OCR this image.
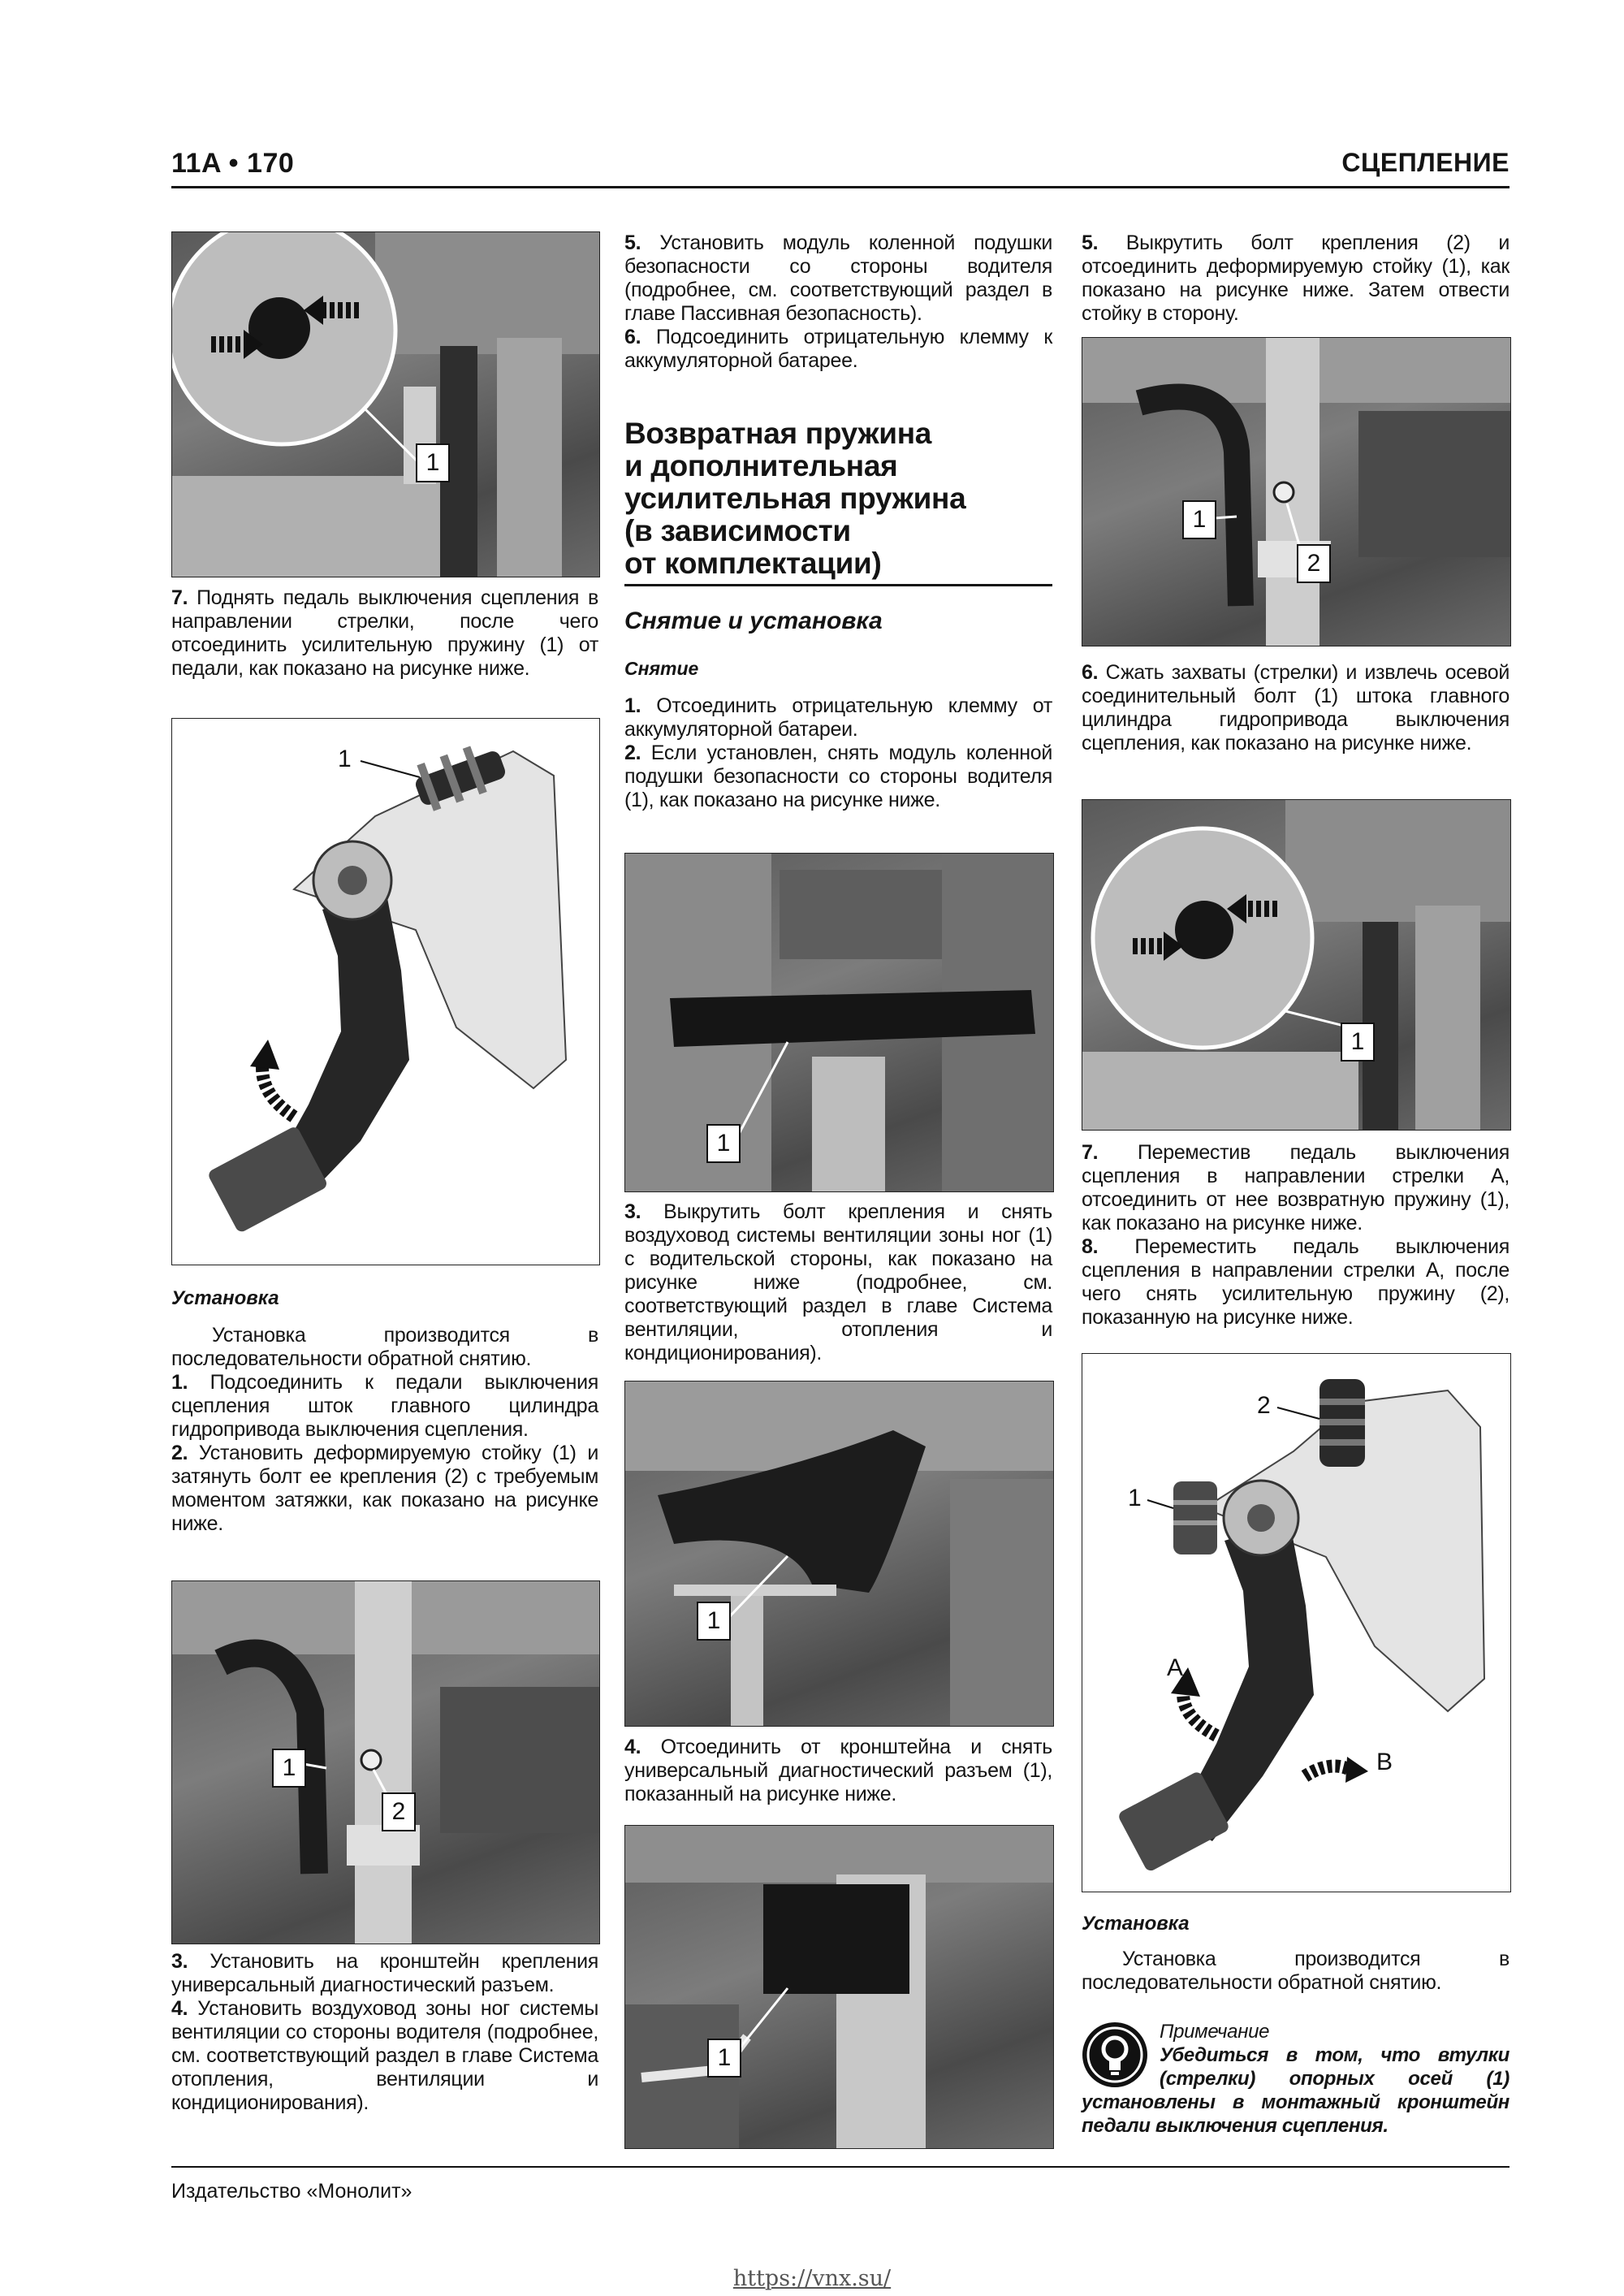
11A • 170	СЦЕПЛЕНИЕ
1

7. Поднять педаль выключения сцепления в направлении стрелки, после чего отсоединить усилительную пружину (1) от педали, как показано на рисунке ниже.

1
Установка

Установка производится в последовательности обратной снятию.

1. Подсоединить к педали выключения сцепления шток главного цилиндра гидропривода выключения сцепления.

2. Установить деформируемую стойку (1) и затянуть болт ее крепления (2) с требуемым моментом затяжки, как показано на рисунке ниже.

1
2

3. Установить на кронштейн крепления универсальный диагностический разъем.

4. Установить воздуховод зоны ног системы вентиляции со стороны водителя (подробнее, см. соответствующий раздел в главе Система отопления, вентиляции и кондиционирования).

5. Установить модуль коленной подушки безопасности со стороны водителя (подробнее, см. соответствующий раздел в главе Пассивная безопасность).

6. Подсоединить отрицательную клемму к аккумуляторной батарее.

Возвратная пружина
и дополнительная
усилительная пружина
(в зависимости
от комплектации)
Снятие и установка
Снятие

1. Отсоединить отрицательную клемму от аккумуляторной батареи.

2. Если установлен, снять модуль коленной подушки безопасности со стороны водителя (1), как показано на рисунке ниже.

1

3. Выкрутить болт крепления и снять воздуховод системы вентиляции зоны ног (1) с водительской стороны, как показано на рисунке ниже (подробнее, см. соответствующий раздел в главе Система вентиляции, отопления и кондиционирования).

1

4. Отсоединить от кронштейна и снять универсальный диагностический разъем (1), показанный на рисунке ниже.

1

5. Выкрутить болт крепления (2) и отсоединить деформируемую стойку (1), как показано на рисунке ниже. Затем отвести стойку в сторону.

1
2

6. Сжать захваты (стрелки) и извлечь осевой соединительный болт (1) штока главного цилиндра гидропривода выключения сцепления, как показано на рисунке ниже.

1

7. Переместив педаль выключения сцепления в направлении стрелки А, отсоединить от нее возвратную пружину (1), как показано на рисунке ниже.

8. Переместить педаль выключения сцепления в направлении стрелки А, после чего снять усилительную пружину (2), показанную на рисунке ниже.

2
1
A
B
Установка

Установка производится в последовательности обратной снятию.

Примечание
Убедиться в том, что втулки (стрелки) опорных осей (1) установлены в монтажный кронштейн педали выключения сцепления.
Издательство «Монолит»
https://vnx.su/
